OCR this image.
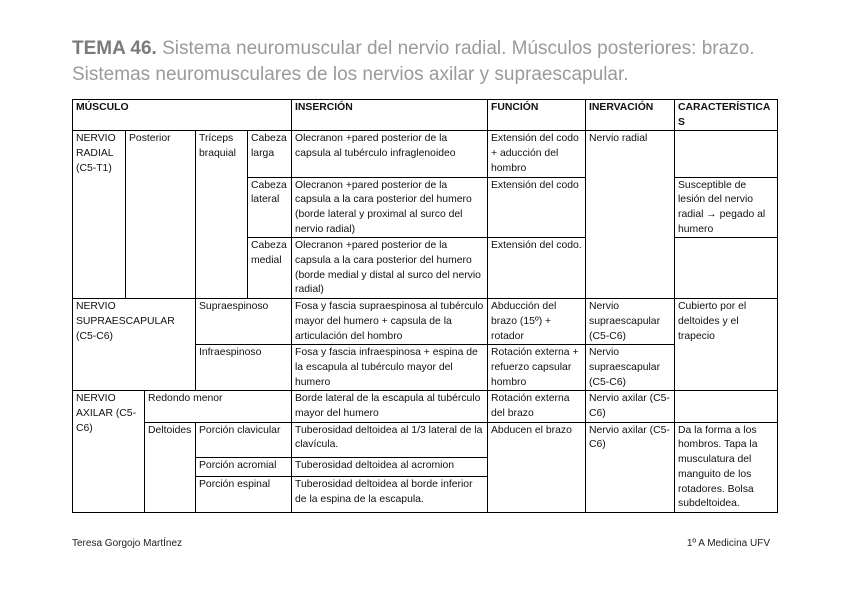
TEMA 46. Sistema neuromuscular del nervio radial. Músculos posteriores: brazo. Sistemas neuromusculares de los nervios axilar y supraescapular.
MÚSCULO					INSERCIÓN	FUNCIÓN	INERVACIÓN	CARACTERÍSTICAS
NERVIO RADIAL (C5-T1)	Posterior		Tríceps braquial	Cabeza larga	Olecranon +pared posterior de la capsula al tubérculo infraglenoideo	Extensión del codo + aducción del hombro	Nervio radial	
				Cabeza lateral	Olecranon +pared posterior de la capsula a la cara posterior del humero (borde lateral y proximal al surco del nervio radial)	Extensión del codo		Susceptible de lesión del nervio radial → pegado al humero
				Cabeza medial	Olecranon +pared posterior de la capsula a la cara posterior del humero (borde medial y distal al surco del nervio radial)	Extensión del codo.		
NERVIO SUPRAESCAPULAR (C5-C6)			Supraespinoso		Fosa y fascia supraespinosa al tubérculo mayor del humero + capsula de la articulación del hombro	Abducción del brazo (15º) + rotador	Nervio supraescapular (C5-C6)	Cubierto por el deltoides y el trapecio
			Infraespinoso		Fosa y fascia infraespinosa + espina de la escapula al tubérculo mayor del humero	Rotación externa + refuerzo capsular hombro	Nervio supraescapular (C5-C6)	
NERVIO AXILAR (C5-C6)		Redondo menor			Borde lateral de la escapula al tubérculo mayor del humero	Rotación externa del brazo	Nervio axilar (C5-C6)	
		Deltoides	Porción clavicular		Tuberosidad deltoidea al 1/3 lateral de la clavícula.	Abducen el brazo	Nervio axilar (C5-C6)	Da la forma a los hombros. Tapa la musculatura del manguito de los rotadores. Bolsa subdeltoidea.
			Porción acromial		Tuberosidad deltoidea al acromion			
			Porción espinal		Tuberosidad deltoidea al borde inferior de la espina de la escapula.			
Teresa Gorgojo MartÍnez	1º A Medicina UFV
